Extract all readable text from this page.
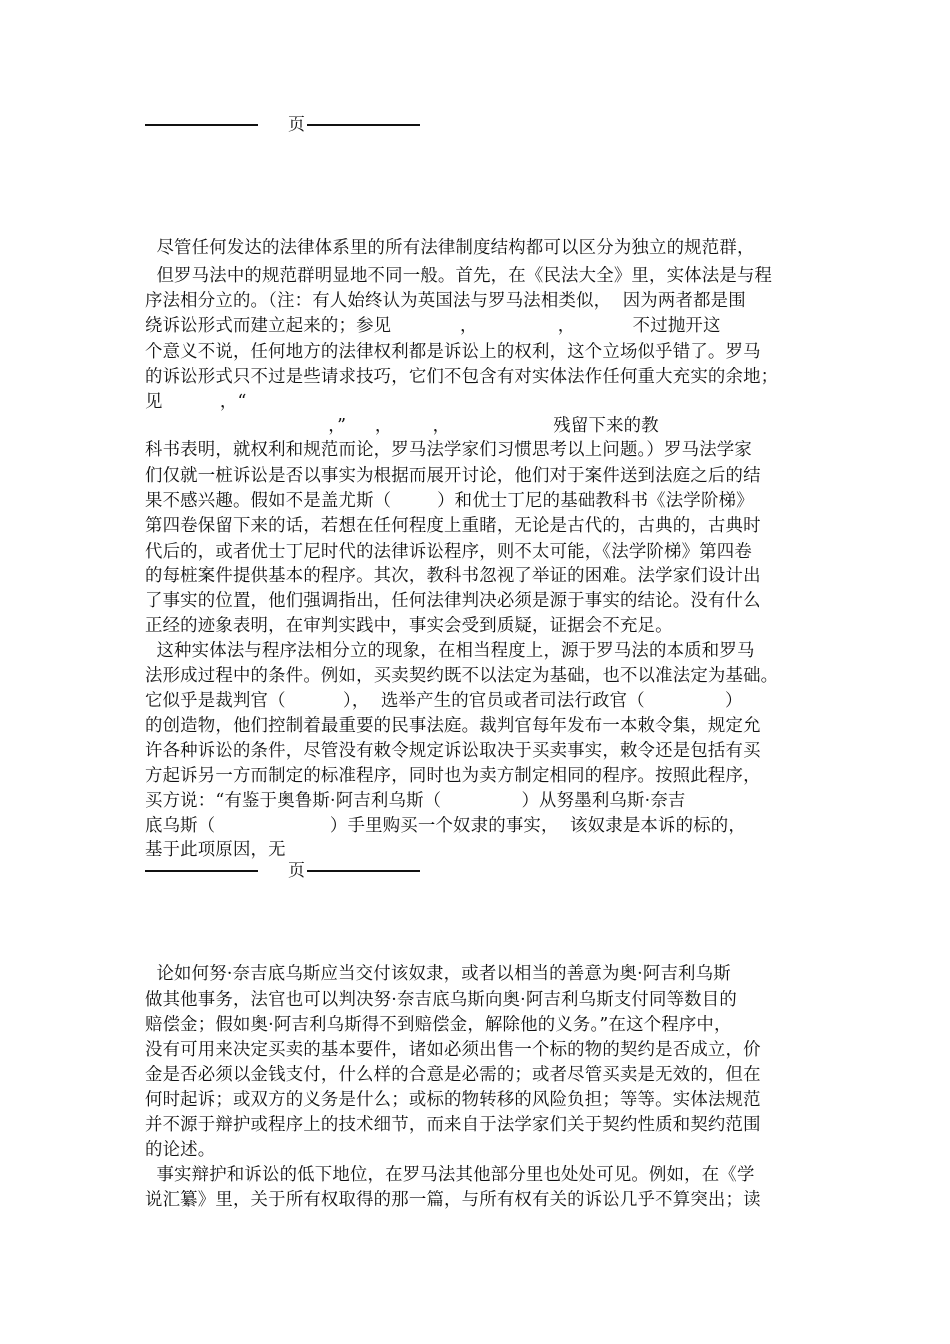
页
尽管任何发达的法律体系里的所有法律制度结构都可以区分为独立的规范群，
但罗马法中的规范群明显地不同一般。首先，在《民法大全》里，实体法是与程
序法相分立的。（注：有人始终认为英国法与罗马法相类似，  因为两者都是围
绕诉讼形式而建立起来的；参见            ，              ，          不过抛开这
个意义不说，任何地方的法律权利都是诉讼上的权利，这个立场似乎错了。罗马
的诉讼形式只不过是些请求技巧，它们不包含有对实体法作任何重大充实的余地；
见          ，“
，”     ，       ，                  残留下来的教
科书表明，就权利和规范而论，罗马法学家们习惯思考以上问题。）罗马法学家
们仅就一桩诉讼是否以事实为根据而展开讨论，他们对于案件送到法庭之后的结
果不感兴趣。假如不是盖尤斯（        ）和优士丁尼的基础教科书《法学阶梯》
第四卷保留下来的话，若想在任何程度上重睹，无论是古代的，古典的，古典时
代后的，或者优士丁尼时代的法律诉讼程序，则不太可能，《法学阶梯》第四卷
的每桩案件提供基本的程序。其次，教科书忽视了举证的困难。法学家们设计出
了事实的位置，他们强调指出，任何法律判决必须是源于事实的结论。没有什么
正经的迹象表明，在审判实践中，事实会受到质疑，证据会不充足。
这种实体法与程序法相分立的现象，在相当程度上，源于罗马法的本质和罗马
法形成过程中的条件。例如，买卖契约既不以法定为基础，也不以准法定为基础。
它似乎是裁判官（          ），  选举产生的官员或者司法行政官（              ）
的创造物，他们控制着最重要的民事法庭。裁判官每年发布一本敕令集，规定允
许各种诉讼的条件，尽管没有敕令规定诉讼取决于买卖事实，敕令还是包括有买
方起诉另一方而制定的标准程序，同时也为卖方制定相同的程序。按照此程序，
买方说：“有鉴于奥鲁斯·阿吉利乌斯（              ）从努墨利乌斯·奈吉
底乌斯（                    ）手里购买一个奴隶的事实，  该奴隶是本诉的标的，
基于此项原因，无
页
论如何努·奈吉底乌斯应当交付该奴隶，或者以相当的善意为奥·阿吉利乌斯
做其他事务，法官也可以判决努·奈吉底乌斯向奥·阿吉利乌斯支付同等数目的
赔偿金；假如奥·阿吉利乌斯得不到赔偿金，解除他的义务。”在这个程序中，
没有可用来决定买卖的基本要件，诸如必须出售一个标的物的契约是否成立，价
金是否必须以金钱支付，什么样的合意是必需的；或者尽管买卖是无效的，但在
何时起诉；或双方的义务是什么；或标的物转移的风险负担；等等。实体法规范
并不源于辩护或程序上的技术细节，而来自于法学家们关于契约性质和契约范围
的论述。
事实辩护和诉讼的低下地位，在罗马法其他部分里也处处可见。例如，在《学
说汇纂》里，关于所有权取得的那一篇，与所有权有关的诉讼几乎不算突出；读
